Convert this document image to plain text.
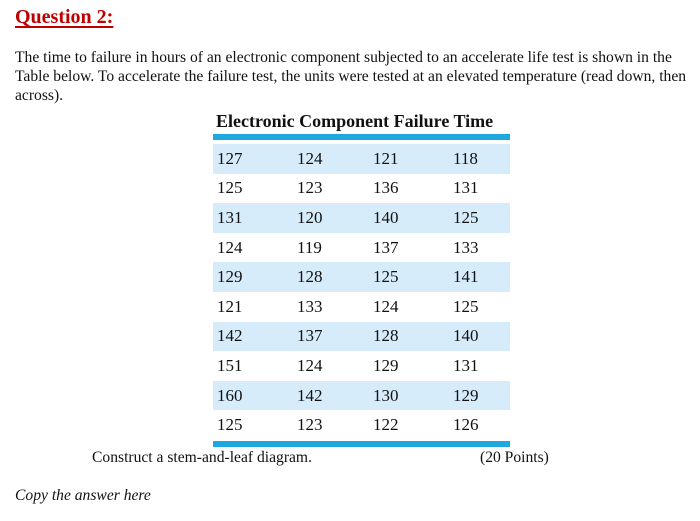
Question 2:
The time to failure in hours of an electronic component subjected to an accelerate life test is shown in the Table below. To accelerate the failure test, the units were tested at an elevated temperature (read down, then across).
Electronic Component Failure Time
127	124	121	118
125	123	136	131
131	120	140	125
124	119	137	133
129	128	125	141
121	133	124	125
142	137	128	140
151	124	129	131
160	142	130	129
125	123	122	126
Construct a stem-and-leaf diagram.	(20 Points)
Copy the answer here
